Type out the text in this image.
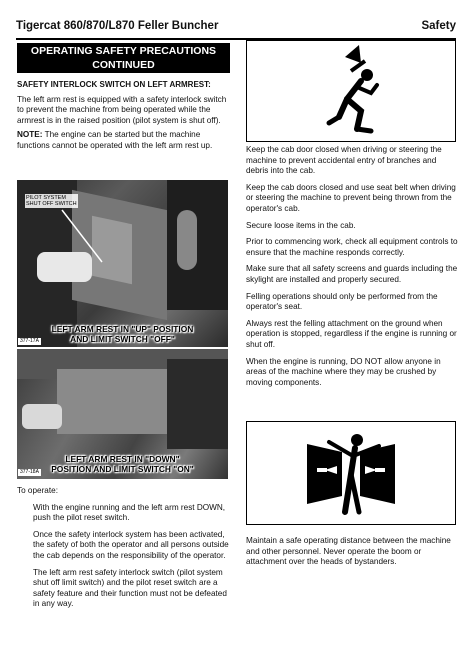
Tigercat 860/870/L870 Feller Buncher	Safety
OPERATING SAFETY PRECAUTIONS
CONTINUED

SAFETY INTERLOCK SWITCH ON LEFT ARMREST:

The left arm rest is equipped with a safety interlock switch to prevent the machine from being operated while the armrest is in the raised position (pilot system is shut off).

NOTE: The engine can be started but the machine functions cannot be operated with the left arm rest up.

PILOT SYSTEM
SHUT OFF SWITCH
LEFT ARM REST IN "UP" POSITION
AND LIMIT SWITCH "OFF"
377-17A
LEFT ARM REST IN "DOWN"
POSITION AND LIMIT SWITCH "ON"
377-18A

To operate:

With the engine running and the left arm rest DOWN, push the pilot reset switch.

Once the safety interlock system has been activated, the safety of both the operator and all persons outside the cab depends on the responsibility of the operator.

The left arm rest safety interlock switch (pilot system shut off limit switch) and the pilot reset switch are a safety feature and their function must not be defeated in any way.

Keep the cab door closed when driving or steering the machine to prevent accidental entry of branches and debris into the cab.

Keep the cab doors closed and use seat belt when driving or steering the machine to prevent being thrown from the operator's cab.

Secure loose items in the cab.

Prior to commencing work, check all equipment controls to ensure that the machine responds correctly.

Make sure that all safety screens and guards including the skylight are installed and properly secured.

Felling operations should only be performed from the operator's seat.

Always rest the felling attachment on the ground when operation is stopped, regardless if the engine is running or shut off.

When the engine is running, DO NOT allow anyone in areas of the machine where they may be crushed by moving components.

Maintain a safe operating distance between the machine and other personnel. Never operate the boom or attachment over the heads of bystanders.
